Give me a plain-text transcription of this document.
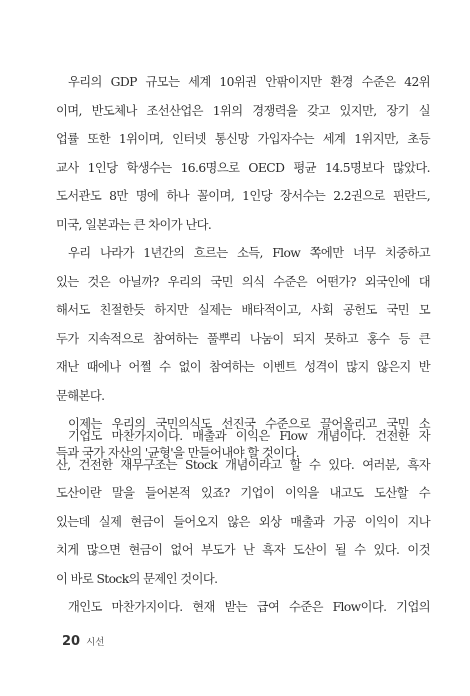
우리의 GDP 규모는 세계 10위권 안팎이지만 환경 수준은 42위
이며, 반도체나 조선산업은 1위의 경쟁력을 갖고 있지만, 장기 실
업률 또한 1위이며, 인터넷 통신망 가입자수는 세계 1위지만, 초등
교사 1인당 학생수는 16.6명으로 OECD 평균 14.5명보다 많았다.
도서관도 8만 명에 하나 꼴이며, 1인당 장서수는 2.2권으로 핀란드,
미국, 일본과는 큰 차이가 난다.
우리 나라가 1년간의 흐르는 소득, Flow 쪽에만 너무 치중하고
있는 것은 아닐까? 우리의 국민 의식 수준은 어떤가? 외국인에 대
해서도 친절한듯 하지만 실제는 배타적이고, 사회 공헌도 국민 모
두가 지속적으로 참여하는 풀뿌리 나눔이 되지 못하고 홍수 등 큰
재난 때에나 어쩔 수 없이 참여하는 이벤트 성격이 많지 않은지 반
문해본다.
이제는 우리의 국민의식도 선진국 수준으로 끌어올리고 국민 소
득과 국가 자산의 '균형'을 만들어내야 할 것이다.
기업도 마찬가지이다. 매출과 이익은 Flow 개념이다. 건전한 자
산, 건전한 재무구조는 Stock 개념이라고 할 수 있다. 여러분, 흑자
도산이란 말을 들어본적 있죠? 기업이 이익을 내고도 도산할 수
있는데 실제 현금이 들어오지 않은 외상 매출과 가공 이익이 지나
치게 많으면 현금이 없어 부도가 난 흑자 도산이 될 수 있다. 이것
이 바로 Stock의 문제인 것이다.
개인도 마찬가지이다. 현재 받는 급여 수준은 Flow이다. 기업의
20 시선
